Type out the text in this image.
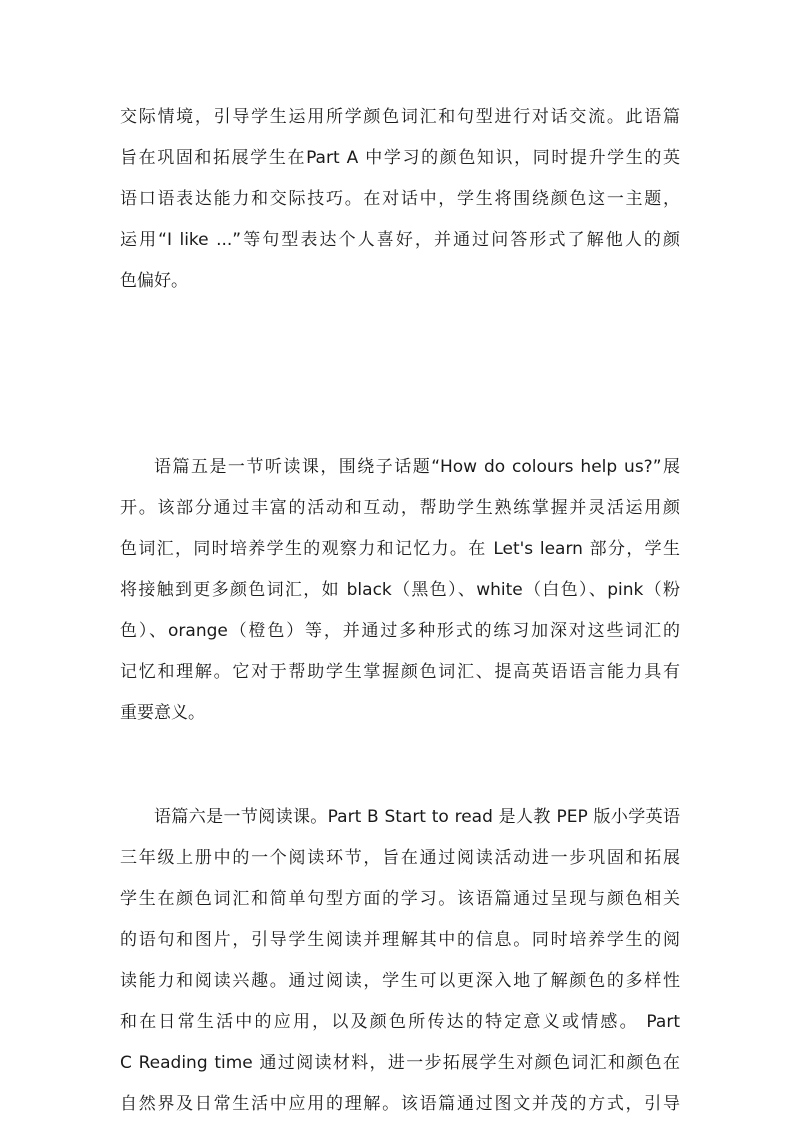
交际情境，引导学生运用所学颜色词汇和句型进行对话交流。此语篇
旨在巩固和拓展学生在Part A 中学习的颜色知识，同时提升学生的英
语口语表达能力和交际技巧。在对话中，学生将围绕颜色这一主题，
运用“I like ...”等句型表达个人喜好，并通过问答形式了解他人的颜
色偏好。
语篇五是一节听读课，围绕子话题“How do colours help us?”展
开。该部分通过丰富的活动和互动，帮助学生熟练掌握并灵活运用颜
色词汇，同时培养学生的观察力和记忆力。在 Let's learn 部分，学生
将接触到更多颜色词汇，如 black（黑色）、white（白色）、pink（粉
色）、orange（橙色）等，并通过多种形式的练习加深对这些词汇的
记忆和理解。它对于帮助学生掌握颜色词汇、提高英语语言能力具有
重要意义。
语篇六是一节阅读课。Part B Start to read 是人教 PEP 版小学英语
三年级上册中的一个阅读环节，旨在通过阅读活动进一步巩固和拓展
学生在颜色词汇和简单句型方面的学习。该语篇通过呈现与颜色相关
的语句和图片，引导学生阅读并理解其中的信息。同时培养学生的阅
读能力和阅读兴趣。通过阅读，学生可以更深入地了解颜色的多样性
和在日常生活中的应用，以及颜色所传达的特定意义或情感。 Part
C Reading time 通过阅读材料，进一步拓展学生对颜色词汇和颜色在
自然界及日常生活中应用的理解。该语篇通过图文并茂的方式，引导
